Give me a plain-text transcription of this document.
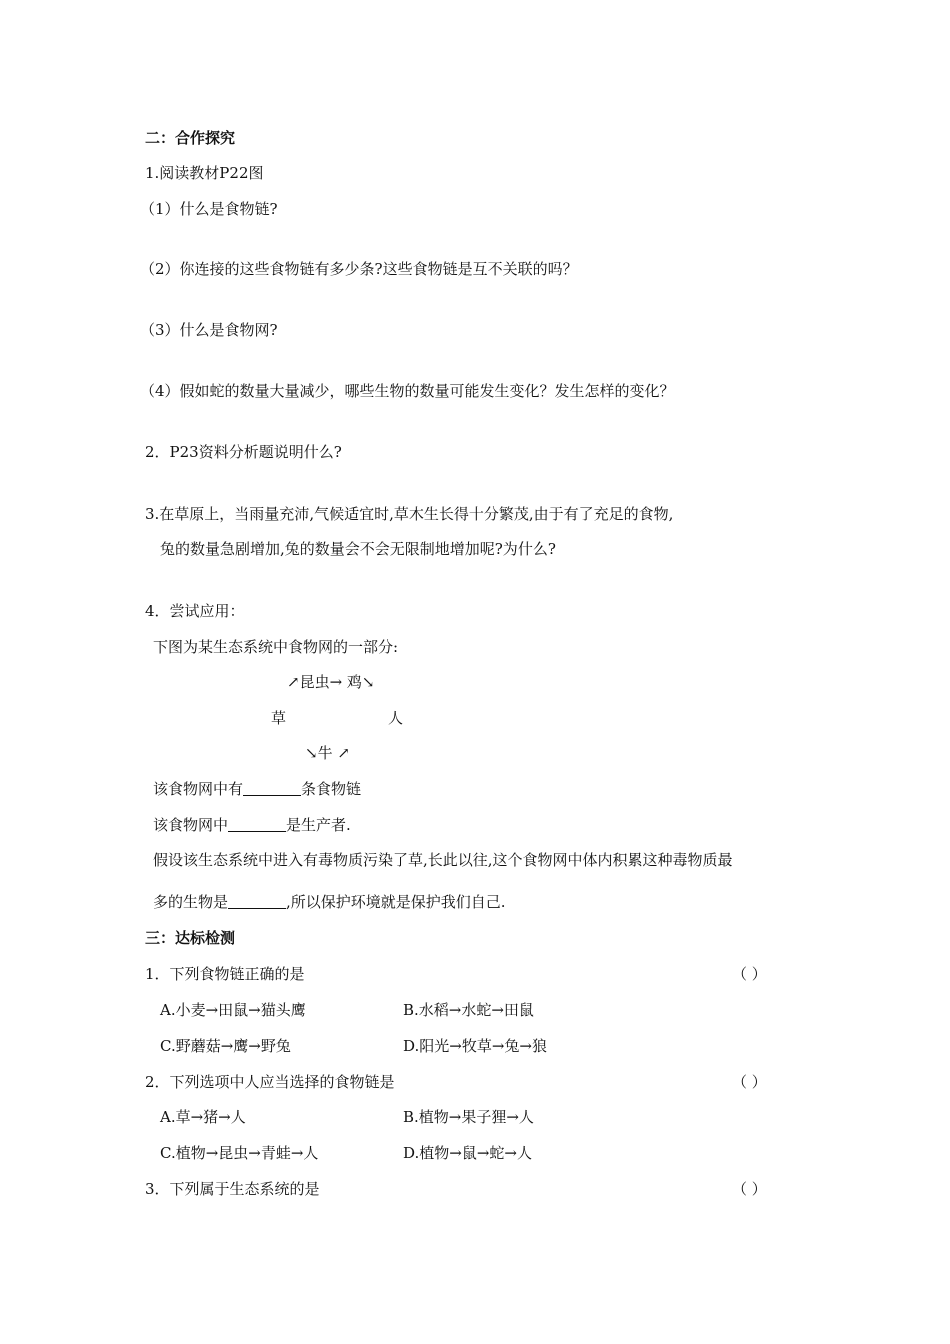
二：合作探究
1.阅读教材P22图
（1）什么是食物链?
（2）你连接的这些食物链有多少条?这些食物链是互不关联的吗？
（3）什么是食物网?
（4）假如蛇的数量大量减少，哪些生物的数量可能发生变化？发生怎样的变化？
2．P23资料分析题说明什么?
3.在草原上，当雨量充沛,气候适宜时,草木生长得十分繁茂,由于有了充足的食物,
兔的数量急剧增加,兔的数量会不会无限制地增加呢?为什么?
4．尝试应用：
下图为某生态系统中食物网的一部分:
↗昆虫→ 鸡↘
草	人
↘牛 ↗
该食物网中有	条食物链
该食物网中	是生产者.
假设该生态系统中进入有毒物质污染了草,长此以往,这个食物网中体内积累这种毒物质最
多的生物是	,所以保护环境就是保护我们自己.
三：达标检测
1．下列食物链正确的是	（ ）
A.小麦→田鼠→猫头鹰	B.水稻→水蛇→田鼠
C.野蘑菇→鹰→野兔	D.阳光→牧草→兔→狼
2．下列选项中人应当选择的食物链是	（ ）
A.草→猪→人	B.植物→果子狸→人
C.植物→昆虫→青蛙→人	D.植物→鼠→蛇→人
3．下列属于生态系统的是	（ ）
